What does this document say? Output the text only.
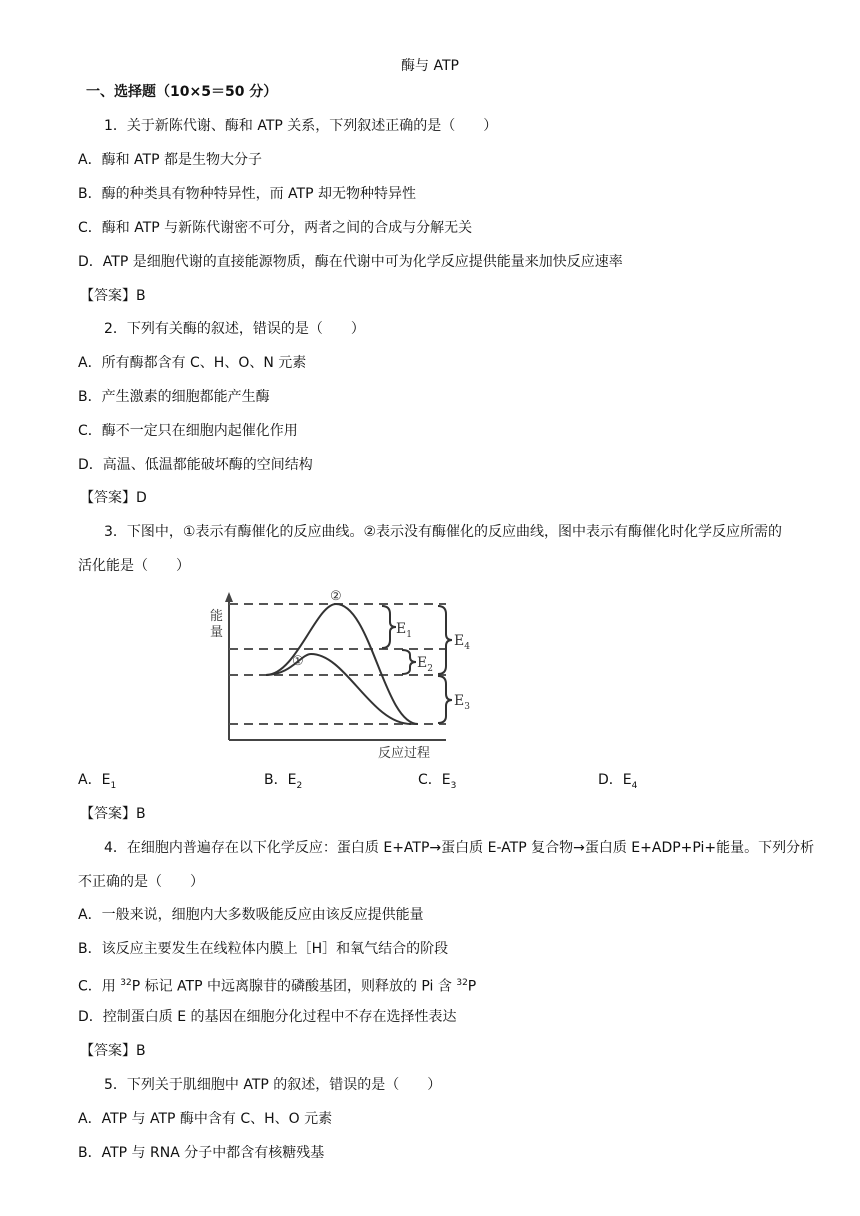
酶与 ATP
一、选择题（10×5＝50 分）
1．关于新陈代谢、酶和 ATP 关系，下列叙述正确的是（　　）
A．酶和 ATP 都是生物大分子
B．酶的种类具有物种特异性，而 ATP 却无物种特异性
C．酶和 ATP 与新陈代谢密不可分，两者之间的合成与分解无关
D．ATP 是细胞代谢的直接能源物质，酶在代谢中可为化学反应提供能量来加快反应速率
【答案】B
2．下列有关酶的叙述，错误的是（　　）
A．所有酶都含有 C、H、O、N 元素
B．产生激素的细胞都能产生酶
C．酶不一定只在细胞内起催化作用
D．高温、低温都能破坏酶的空间结构
【答案】D
3．下图中，①表示有酶催化的反应曲线。②表示没有酶催化的反应曲线，图中表示有酶催化时化学反应所需的
活化能是（　　）
能量
②
①
$E_1$
$E_2$
$E_4$
$E_3$
反应过程
A．$E_1$	B．$E_2$	C．$E_3$	D．$E_4$
【答案】B
4．在细胞内普遍存在以下化学反应：蛋白质 E+ATP→蛋白质 E-ATP 复合物→蛋白质 E+ADP+Pi+能量。下列分析
不正确的是（　　）
A．一般来说，细胞内大多数吸能反应由该反应提供能量
B．该反应主要发生在线粒体内膜上［H］和氧气结合的阶段
C．用 $^{32}$P 标记 ATP 中远离腺苷的磷酸基团，则释放的 Pi 含 $^{32}$P
D．控制蛋白质 E 的基因在细胞分化过程中不存在选择性表达
【答案】B
5．下列关于肌细胞中 ATP 的叙述，错误的是（　　）
A．ATP 与 ATP 酶中含有 C、H、O 元素
B．ATP 与 RNA 分子中都含有核糖残基
